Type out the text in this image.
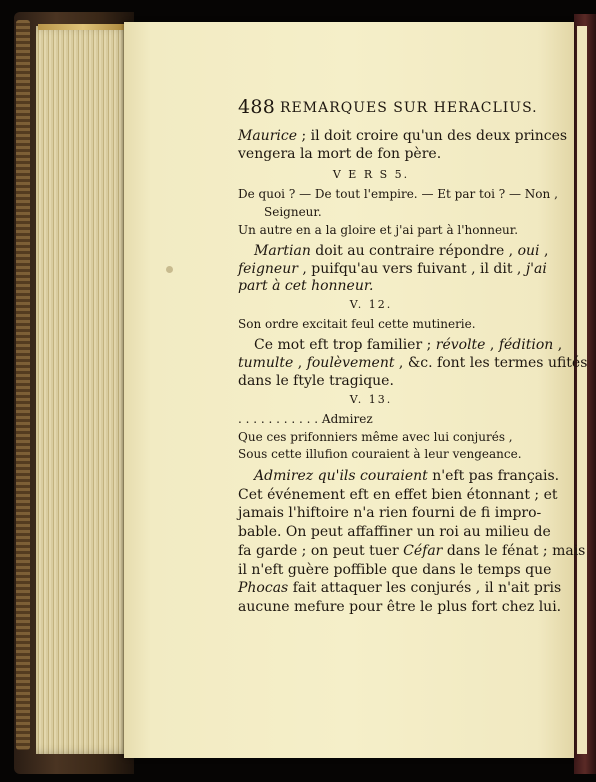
488 REMARQUES SUR HERACLIUS.
Maurice ; il doit croire qu'un des deux princes
vengera la mort de fon père.
V E R S 5.
De quoi ? — De tout l'empire. — Et par toi ? — Non ,
Seigneur.
Un autre en a la gloire et j'ai part à l'honneur.
Martian doit au contraire répondre , oui ,
feigneur , puifqu'au vers fuivant , il dit , j'ai
part à cet honneur.
V. 12.
Son ordre excitait feul cette mutinerie.
Ce mot eft trop familier ; révolte , fédition ,
tumulte , foulèvement , &c. font les termes ufités
dans le ftyle tragique.
V. 13.
. . . . . . . . . . . Admirez
Que ces prifonniers même avec lui conjurés ,
Sous cette illufion couraient à leur vengeance.
Admirez qu'ils couraient n'eft pas français.
Cet événement eft en effet bien étonnant ; et
jamais l'hiftoire n'a rien fourni de fi impro-
bable. On peut affaffiner un roi au milieu de
fa garde ; on peut tuer Céfar dans le fénat ; mais
il n'eft guère poffible que dans le temps que
Phocas fait attaquer les conjurés , il n'ait pris
aucune mefure pour être le plus fort chez lui.
